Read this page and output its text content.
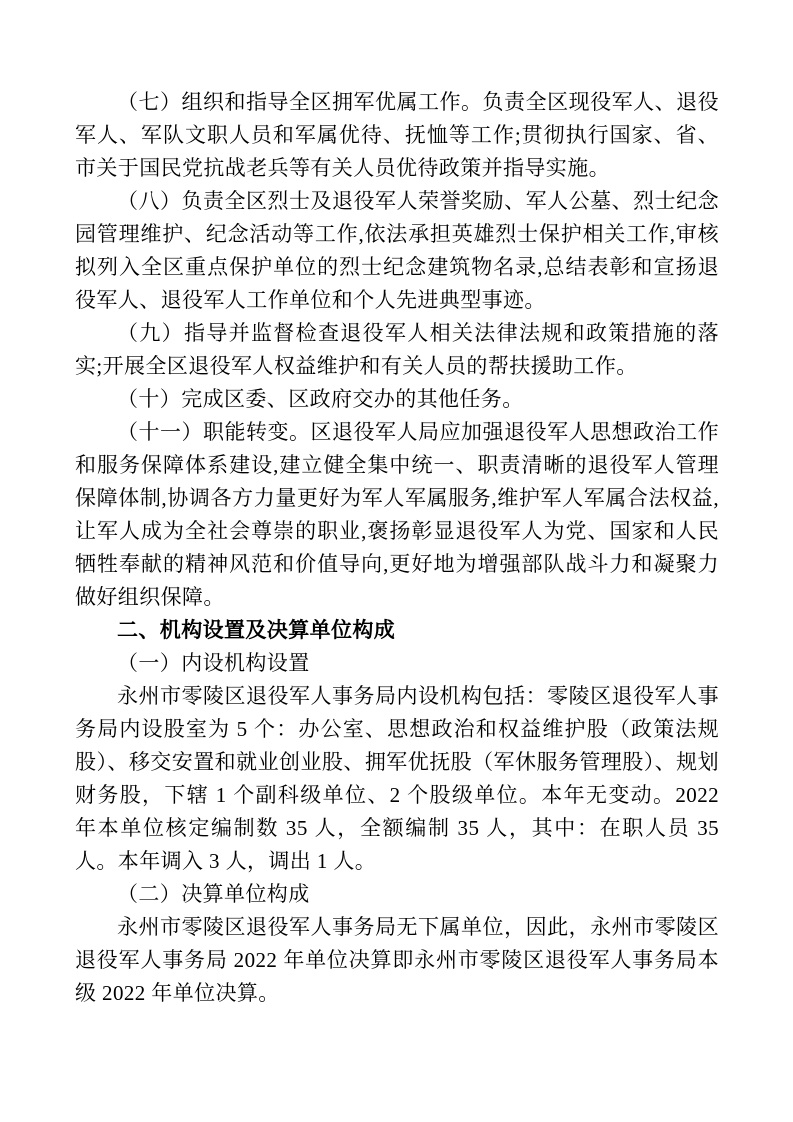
（七）组织和指导全区拥军优属工作。负责全区现役军人、退役军人、军队文职人员和军属优待、抚恤等工作;贯彻执行国家、省、市关于国民党抗战老兵等有关人员优待政策并指导实施。

（八）负责全区烈士及退役军人荣誉奖励、军人公墓、烈士纪念园管理维护、纪念活动等工作,依法承担英雄烈士保护相关工作,审核拟列入全区重点保护单位的烈士纪念建筑物名录,总结表彰和宣扬退役军人、退役军人工作单位和个人先进典型事迹。

（九）指导并监督检查退役军人相关法律法规和政策措施的落实;开展全区退役军人权益维护和有关人员的帮扶援助工作。

（十）完成区委、区政府交办的其他任务。

（十一）职能转变。区退役军人局应加强退役军人思想政治工作和服务保障体系建设,建立健全集中统一、职责清晰的退役军人管理保障体制,协调各方力量更好为军人军属服务,维护军人军属合法权益,让军人成为全社会尊崇的职业,褒扬彰显退役军人为党、国家和人民牺牲奉献的精神风范和价值导向,更好地为增强部队战斗力和凝聚力做好组织保障。

二、机构设置及决算单位构成

（一）内设机构设置

永州市零陵区退役军人事务局内设机构包括：零陵区退役军人事务局内设股室为 5 个：办公室、思想政治和权益维护股（政策法规股）、移交安置和就业创业股、拥军优抚股（军休服务管理股）、规划财务股，下辖 1 个副科级单位、2 个股级单位。本年无变动。2022 年本单位核定编制数 35 人，全额编制 35 人，其中：在职人员 35 人。本年调入 3 人，调出 1 人。

（二）决算单位构成

永州市零陵区退役军人事务局无下属单位，因此，永州市零陵区退役军人事务局 2022 年单位决算即永州市零陵区退役军人事务局本级 2022 年单位决算。
